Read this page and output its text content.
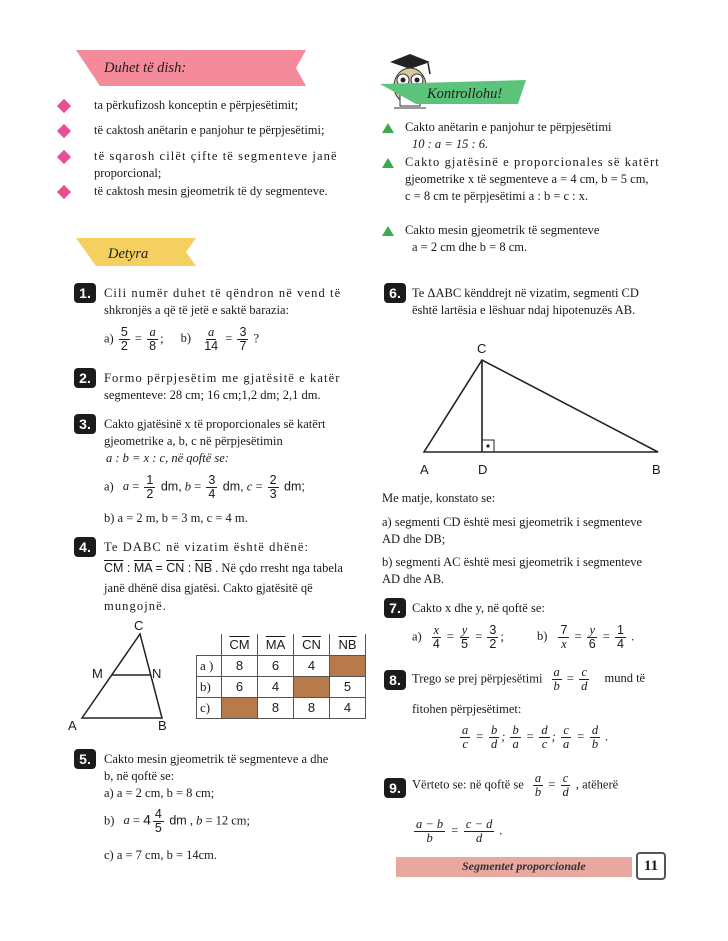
Duhet të dish:
ta përkufizosh konceptin e përpjesëtimit;
të caktosh anëtarin e panjohur te përpjesëtimi;
të sqarosh cilët çifte të segmenteve janë
proporcional;
të caktosh mesin gjeometrik të dy segmenteve.
Kontrollohu!
Cakto anëtarin e panjohur te përpjesëtimi
10 : a = 15 : 6.
Cakto gjatësinë e proporcionales së katërt
gjeometrike x të segmenteve a = 4 cm, b = 5 cm,
c = 8 cm te përpjesëtimi a : b = c : x.
Cakto mesin gjeometrik të segmenteve
a = 2 cm dhe b = 8 cm.
Detyra
1.	Cili numër duhet të qëndron në vend të
shkronjës a që të jetë e saktë barazia:
$a) \frac{5}{2} = \frac{a}{8}$ ; $b) \frac{a}{14} = \frac{3}{7}$ ?
2.	Formo përpjesëtim me gjatësitë e katër
segmenteve: 28 cm; 16 cm;1,2 dm; 2,1 dm.
3.	Cakto gjatësinë x të proporcionales së katërt
gjeometrike a, b, c në përpjesëtimin
a : b = x : c, në qoftë se:
a) $a = \frac{1}{2}$ dm, $b = \frac{3}{4}$ dm, $c = \frac{2}{3}$ dm;
b) a = 2 m, b = 3 m, c = 4 m.
4.	Te DABC në vizatim është dhënë:
$\overline{CM}$ : $\overline{MA} = \overline{CN}$ : $\overline{NB}$ . Në çdo rresht nga tabela
janë dhënë disa gjatësi. Cakto gjatësitë që
mungojnë.
C
M	N
A	B
	$\overline{CM}$	$\overline{MA}$	$\overline{CN}$	$\overline{NB}$
a )	8	6	4	
b)	6	4		5
c)		8	8	4
5.	Cakto mesin gjeometrik të segmenteve a dhe
b, në qoftë se:
a) a = 2 cm, b = 8 cm;
b) $a = 4 \frac{4}{5}$ dm , b = 12 cm;
c) a = 7 cm, b = 14cm.
6. Te ΔABC kënddrejt në vizatim, segmenti CD
është lartësia e lëshuar ndaj hipotenuzës AB.
C
A	D	B
Me matje, konstato se:
a) segmenti CD është mesi gjeometrik i segmenteve
AD dhe DB;
b) segmenti AC është mesi gjeometrik i segmenteve
AD dhe AB.
7. Cakto x dhe y, në qoftë se:
$a) \frac{x}{4} = \frac{y}{5} = \frac{3}{2}$ ; $b) \frac{7}{x} = \frac{y}{6} = \frac{1}{4}$ .
8. Trego se prej përpjesëtimi $\frac{a}{b} = \frac{c}{d}$ mund të
fitohen përpjesëtimet:
$\frac{a}{c} = \frac{b}{d}$ ; $\frac{b}{a} = \frac{d}{c}$ ; $\frac{c}{a} = \frac{d}{b}$ .
9. Vërteto se: në qoftë se $\frac{a}{b} = \frac{c}{d}$ , atëherë
$\frac{a - b}{b} = \frac{c - d}{d}$ .
Segmentet proporcionale	11
